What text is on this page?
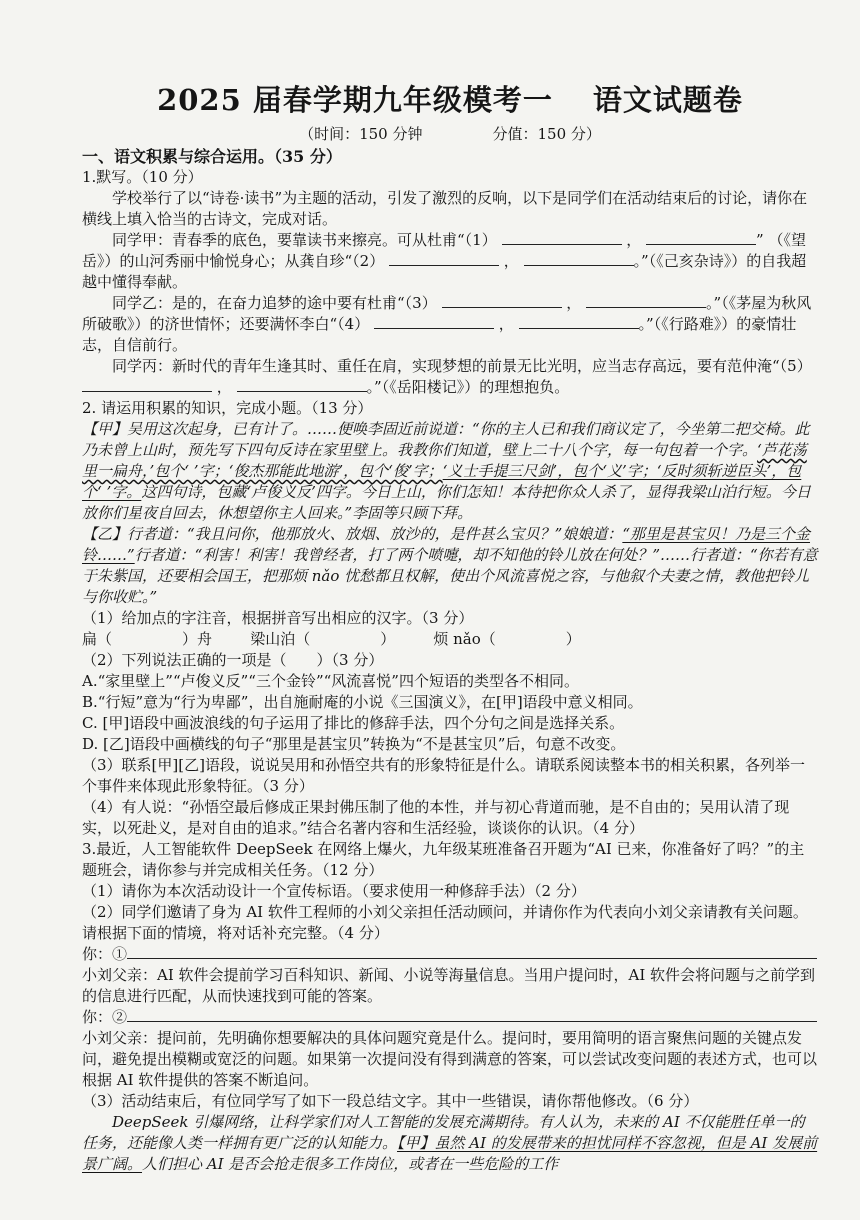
2025 届春学期九年级模考一 语文试题卷
（时间：150 分钟	分值：150 分）
一、语文积累与综合运用。（35 分）

1.默写。（10 分）

学校举行了以“诗卷·读书”为主题的活动，引发了激烈的反响，以下是同学们在活动结束后的讨论，请你在横线上填入恰当的古诗文，完成对话。

同学甲：青春季的底色，要靠读书来擦亮。可从杜甫“（1）	，	” （《望岳》）的山河秀丽中愉悦身心；从龚自珍“（2）	，	。”（《己亥杂诗》）的自我超越中懂得奉献。

同学乙：是的，在奋力追梦的途中要有杜甫“（3）	，	。”（《茅屋为秋风所破歌》）的济世情怀；还要满怀李白“（4）	，	。”（《行路难》）的豪情壮志，自信前行。

同学丙：新时代的青年生逢其时、重任在肩，实现梦想的前景无比光明，应当志存高远，要有范仲淹“（5）  ，	。”（《岳阳楼记》）的理想抱负。

2. 请运用积累的知识，完成小题。（13 分）

【甲】吴用这次起身，已有计了。……便唤李固近前说道：“你的主人已和我们商议定了，今坐第二把交椅。此乃未曾上山时，预先写下四句反诗在家里壁上。我教你们知道，壁上二十八个字，每一句包着一个字。‘芦花荡里一扁舟，’包个‘ ’字；‘俊杰那能此地游’，包个‘俊’字；‘义士手提三尺剑’，包个‘义’字；‘反时须斩逆臣头’，包个‘ ’字。这四句诗，包藏‘卢俊义反’四字。今日上山，你们怎知！本待把你众人杀了，显得我梁山泊行短。今日放你们星夜自回去，休想望你主人回来。”李固等只顾下拜。

【乙】行者道：“我且问你，他那放火、放烟、放沙的，是件甚么宝贝？”娘娘道：“那里是甚宝贝！乃是三个金铃……”行者道：“利害！利害！我曾经者，打了两个喷嚏，却不知他的铃儿放在何处？”……行者道：“你若有意于朱紫国，还要相会国王，把那烦 nǎo 忧愁都且权解，使出个风流喜悦之容，与他叙个夫妻之情，教他把铃儿与你收贮。”

（1）给加点的字注音，根据拼音写出相应的汉字。（3 分）

扁（	）舟	梁山泊（	）	烦 nǎo（	）

（2）下列说法正确的一项是（　　）（3 分）

A.“家里壁上”“卢俊义反”“三个金铃”“风流喜悦”四个短语的类型各不相同。

B.“行短”意为“行为卑鄙”，出自施耐庵的小说《三国演义》，在[甲]语段中意义相同。

C. [甲]语段中画波浪线的句子运用了排比的修辞手法，四个分句之间是选择关系。

D. [乙]语段中画横线的句子“那里是甚宝贝”转换为“不是甚宝贝”后，句意不改变。

（3）联系[甲][乙]语段，说说吴用和孙悟空共有的形象特征是什么。请联系阅读整本书的相关积累，各列举一个事件来体现此形象特征。（3 分）

（4）有人说：“孙悟空最后修成正果封佛压制了他的本性，并与初心背道而驰，是不自由的；吴用认清了现实，以死赴义，是对自由的追求。”结合名著内容和生活经验，谈谈你的认识。（4 分）

3.最近，人工智能软件 DeepSeek 在网络上爆火，九年级某班准备召开题为“AI 已来，你准备好了吗？”的主题班会，请你参与并完成相关任务。（12 分）

（1）请你为本次活动设计一个宣传标语。（要求使用一种修辞手法）（2 分）

（2）同学们邀请了身为 AI 软件工程师的小刘父亲担任活动顾问，并请你作为代表向小刘父亲请教有关问题。请根据下面的情境，将对话补充完整。（4 分）

你：①

小刘父亲：AI 软件会提前学习百科知识、新闻、小说等海量信息。当用户提问时，AI 软件会将问题与之前学到的信息进行匹配，从而快速找到可能的答案。

你：②

小刘父亲：提问前，先明确你想要解决的具体问题究竟是什么。提问时，要用简明的语言聚焦问题的关键点发问，避免提出模糊或宽泛的问题。如果第一次提问没有得到满意的答案，可以尝试改变问题的表述方式，也可以根据 AI 软件提供的答案不断追问。

（3）活动结束后，有位同学写了如下一段总结文字。其中一些错误，请你帮他修改。（6 分）

DeepSeek 引爆网络，让科学家们对人工智能的发展充满期待。有人认为，未来的 AI 不仅能胜任单一的任务，还能像人类一样拥有更广泛的认知能力。【甲】虽然 AI 的发展带来的担忧同样不容忽视，但是 AI 发展前景广阔。人们担心 AI 是否会抢走很多工作岗位，或者在一些危险的工作
